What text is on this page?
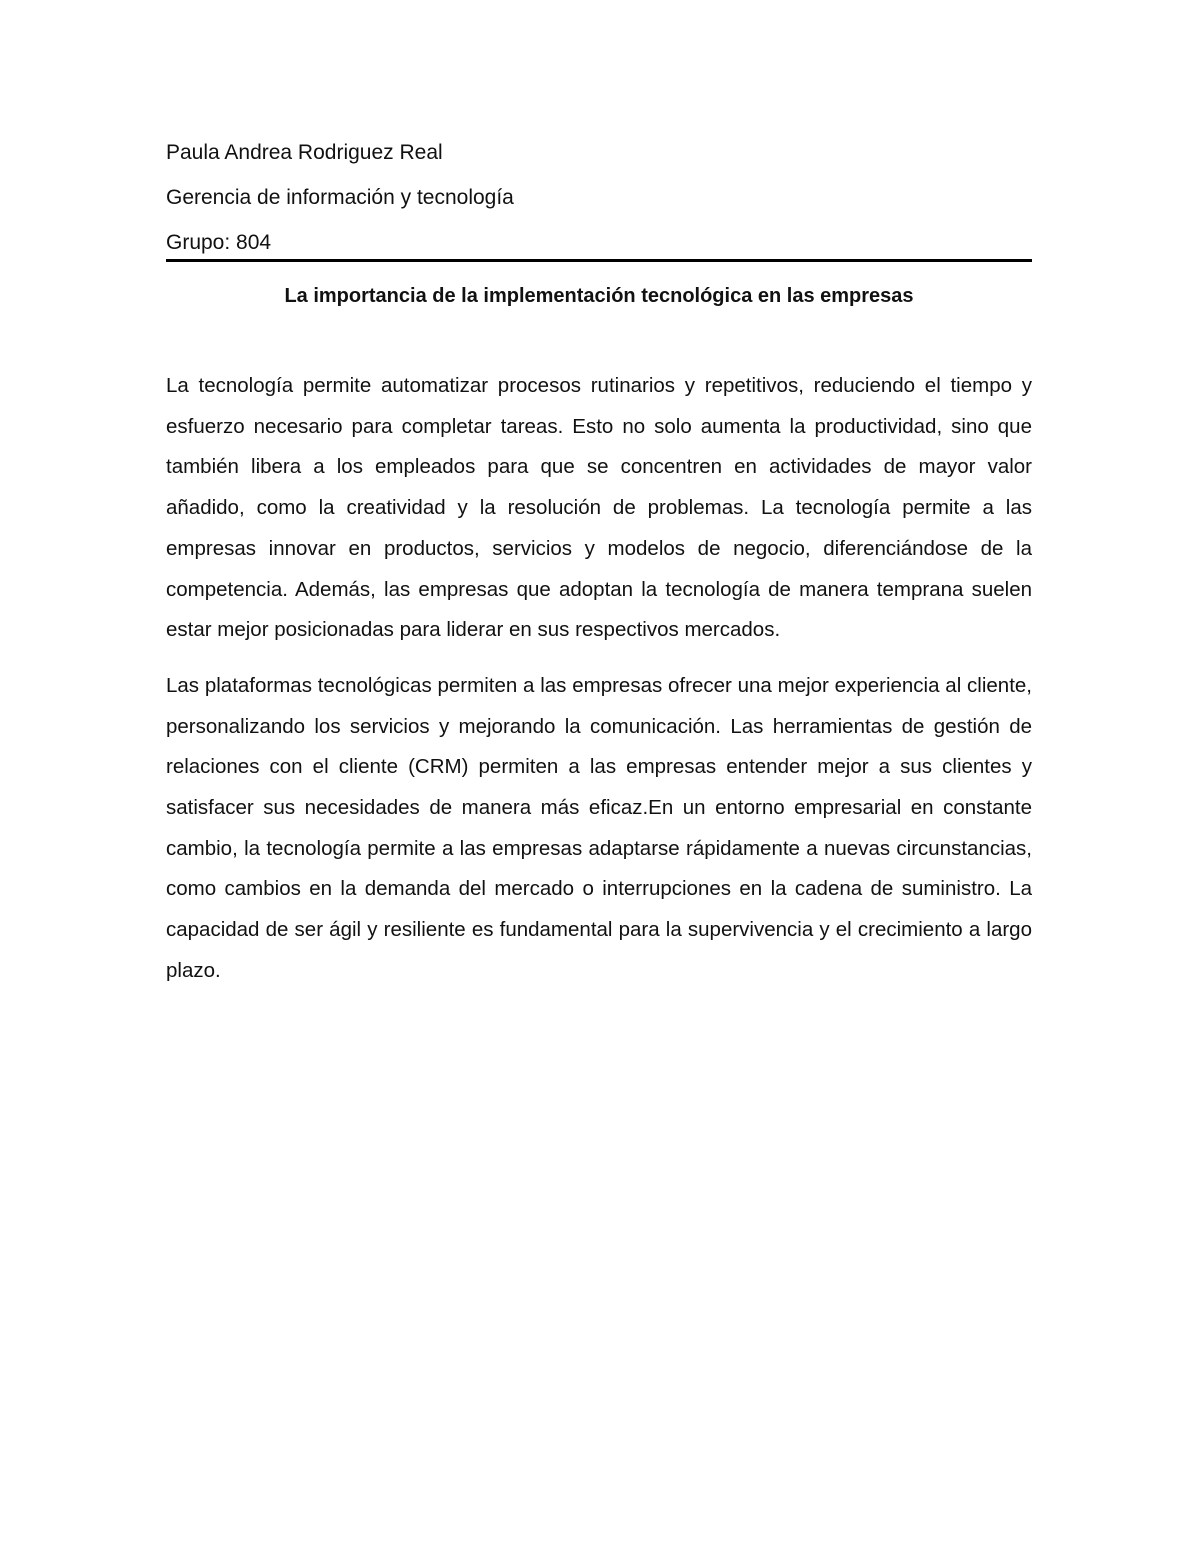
Paula Andrea Rodriguez Real

Gerencia de información y tecnología

Grupo: 804

La importancia de la implementación tecnológica en las empresas

La tecnología permite automatizar procesos rutinarios y repetitivos, reduciendo el tiempo y esfuerzo necesario para completar tareas. Esto no solo aumenta la productividad, sino que también libera a los empleados para que se concentren en actividades de mayor valor añadido, como la creatividad y la resolución de problemas. La tecnología permite a las empresas innovar en productos, servicios y modelos de negocio, diferenciándose de la competencia. Además, las empresas que adoptan la tecnología de manera temprana suelen estar mejor posicionadas para liderar en sus respectivos mercados.

Las plataformas tecnológicas permiten a las empresas ofrecer una mejor experiencia al cliente, personalizando los servicios y mejorando la comunicación. Las herramientas de gestión de relaciones con el cliente (CRM) permiten a las empresas entender mejor a sus clientes y satisfacer sus necesidades de manera más eficaz.En un entorno empresarial en constante cambio, la tecnología permite a las empresas adaptarse rápidamente a nuevas circunstancias, como cambios en la demanda del mercado o interrupciones en la cadena de suministro. La capacidad de ser ágil y resiliente es fundamental para la supervivencia y el crecimiento a largo plazo.
